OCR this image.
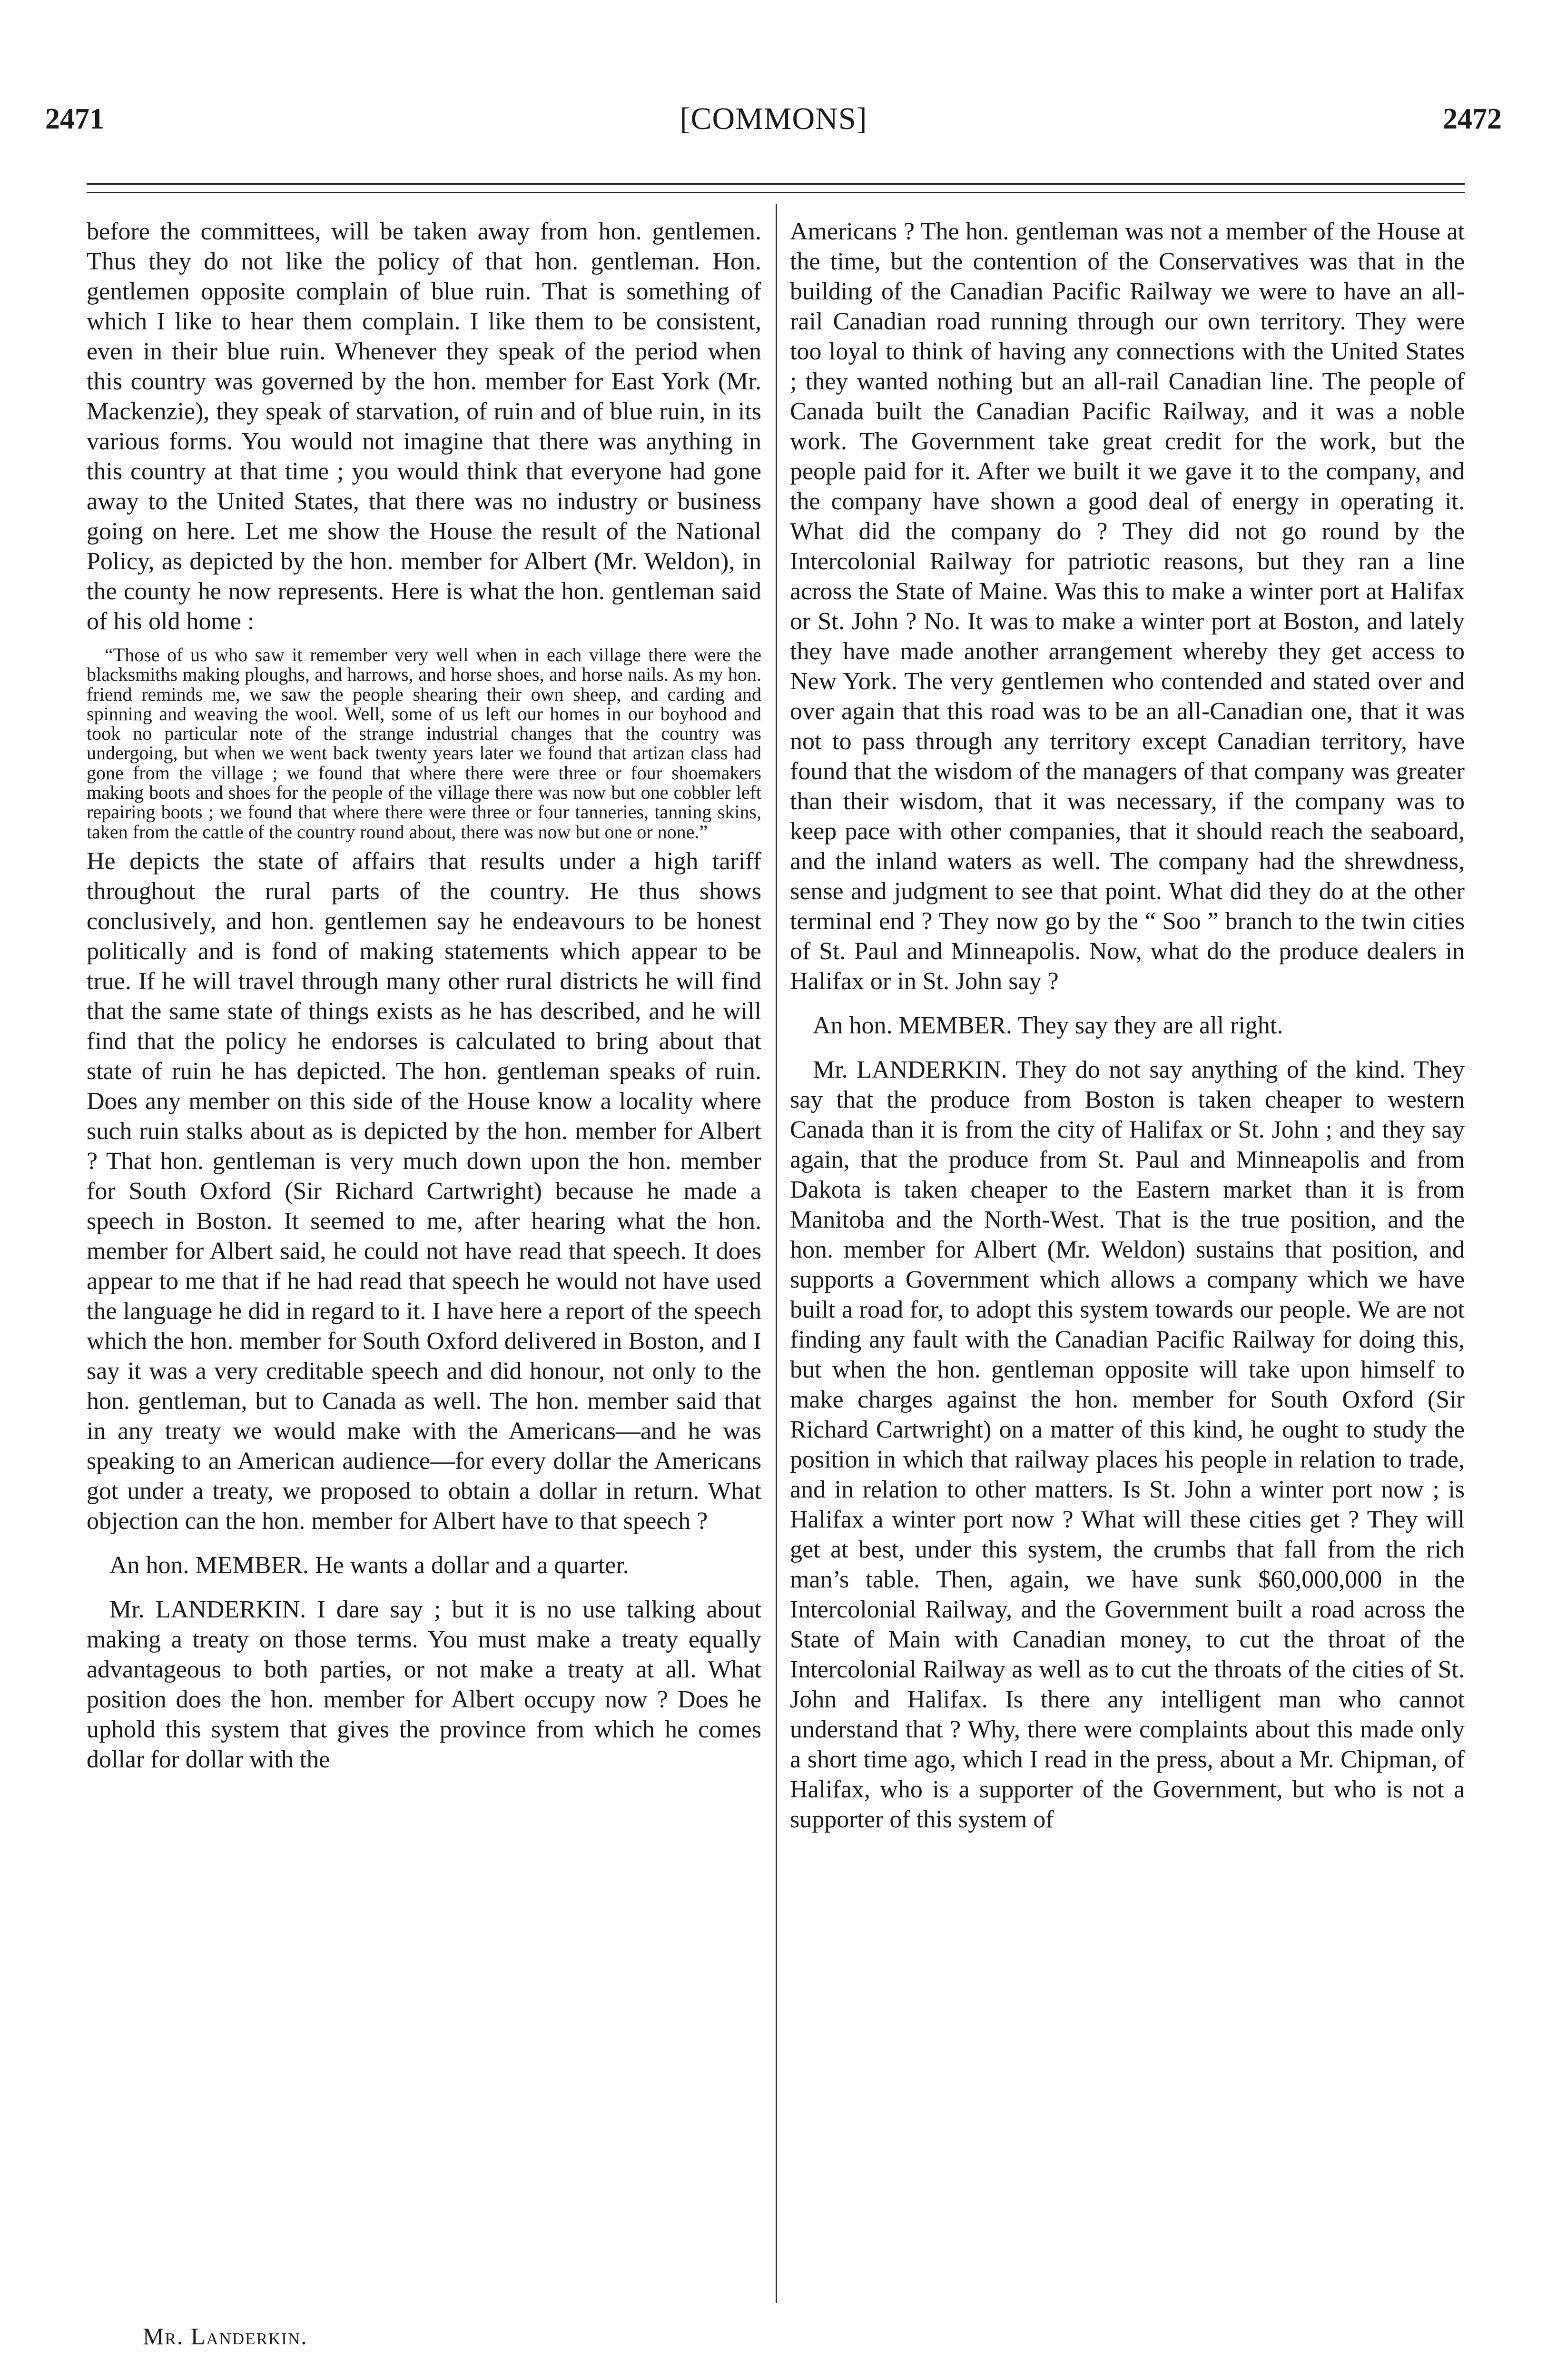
2471	[COMMONS]	2472

before the committees, will be taken away from hon. gentlemen. Thus they do not like the policy of that hon. gentleman. Hon. gentlemen opposite complain of blue ruin. That is something of which I like to hear them complain. I like them to be consistent, even in their blue ruin. Whenever they speak of the period when this country was governed by the hon. member for East York (Mr. Mackenzie), they speak of starvation, of ruin and of blue ruin, in its various forms. You would not imagine that there was anything in this country at that time ; you would think that everyone had gone away to the United States, that there was no industry or business going on here. Let me show the House the result of the National Policy, as depicted by the hon. member for Albert (Mr. Weldon), in the county he now represents. Here is what the hon. gentleman said of his old home :

“Those of us who saw it remember very well when in each village there were the blacksmiths making ploughs, and harrows, and horse shoes, and horse nails. As my hon. friend reminds me, we saw the people shearing their own sheep, and carding and spinning and weaving the wool. Well, some of us left our homes in our boyhood and took no particular note of the strange industrial changes that the country was undergoing, but when we went back twenty years later we found that artizan class had gone from the village ; we found that where there were three or four shoemakers making boots and shoes for the people of the village there was now but one cobbler left repairing boots ; we found that where there were three or four tanneries, tanning skins, taken from the cattle of the country round about, there was now but one or none.”

He depicts the state of affairs that results under a high tariff throughout the rural parts of the country. He thus shows conclusively, and hon. gentlemen say he endeavours to be honest politically and is fond of making statements which appear to be true. If he will travel through many other rural districts he will find that the same state of things exists as he has described, and he will find that the policy he endorses is calculated to bring about that state of ruin he has depicted. The hon. gentleman speaks of ruin. Does any member on this side of the House know a locality where such ruin stalks about as is depicted by the hon. member for Albert ? That hon. gentleman is very much down upon the hon. member for South Oxford (Sir Richard Cartwright) because he made a speech in Boston. It seemed to me, after hearing what the hon. member for Albert said, he could not have read that speech. It does appear to me that if he had read that speech he would not have used the language he did in regard to it. I have here a report of the speech which the hon. member for South Oxford delivered in Boston, and I say it was a very creditable speech and did honour, not only to the hon. gentleman, but to Canada as well. The hon. member said that in any treaty we would make with the Americans—and he was speaking to an American audience—for every dollar the Americans got under a treaty, we proposed to obtain a dollar in return. What objection can the hon. member for Albert have to that speech ?

An hon. MEMBER. He wants a dollar and a quarter.

Mr. LANDERKIN. I dare say ; but it is no use talking about making a treaty on those terms. You must make a treaty equally advantageous to both parties, or not make a treaty at all. What position does the hon. member for Albert occupy now ? Does he uphold this system that gives the province from which he comes dollar for dollar with the

Mr. Landerkin.

Americans ? The hon. gentleman was not a member of the House at the time, but the contention of the Conservatives was that in the building of the Canadian Pacific Railway we were to have an all-rail Canadian road running through our own territory. They were too loyal to think of having any connections with the United States ; they wanted nothing but an all-rail Canadian line. The people of Canada built the Canadian Pacific Railway, and it was a noble work. The Government take great credit for the work, but the people paid for it. After we built it we gave it to the company, and the company have shown a good deal of energy in operating it. What did the company do ? They did not go round by the Intercolonial Railway for patriotic reasons, but they ran a line across the State of Maine. Was this to make a winter port at Halifax or St. John ? No. It was to make a winter port at Boston, and lately they have made another arrangement whereby they get access to New York. The very gentlemen who contended and stated over and over again that this road was to be an all-Canadian one, that it was not to pass through any territory except Canadian territory, have found that the wisdom of the managers of that company was greater than their wisdom, that it was necessary, if the company was to keep pace with other companies, that it should reach the seaboard, and the inland waters as well. The company had the shrewdness, sense and judgment to see that point. What did they do at the other terminal end ? They now go by the “ Soo ” branch to the twin cities of St. Paul and Minneapolis. Now, what do the produce dealers in Halifax or in St. John say ?

An hon. MEMBER. They say they are all right.

Mr. LANDERKIN. They do not say anything of the kind. They say that the produce from Boston is taken cheaper to western Canada than it is from the city of Halifax or St. John ; and they say again, that the produce from St. Paul and Minneapolis and from Dakota is taken cheaper to the Eastern market than it is from Manitoba and the North-West. That is the true position, and the hon. member for Albert (Mr. Weldon) sustains that position, and supports a Government which allows a company which we have built a road for, to adopt this system towards our people. We are not finding any fault with the Canadian Pacific Railway for doing this, but when the hon. gentleman opposite will take upon himself to make charges against the hon. member for South Oxford (Sir Richard Cartwright) on a matter of this kind, he ought to study the position in which that railway places his people in relation to trade, and in relation to other matters. Is St. John a winter port now ; is Halifax a winter port now ? What will these cities get ? They will get at best, under this system, the crumbs that fall from the rich man’s table. Then, again, we have sunk $60,000,000 in the Intercolonial Railway, and the Government built a road across the State of Main with Canadian money, to cut the throat of the Intercolonial Railway as well as to cut the throats of the cities of St. John and Halifax. Is there any intelligent man who cannot understand that ? Why, there were complaints about this made only a short time ago, which I read in the press, about a Mr. Chipman, of Halifax, who is a supporter of the Government, but who is not a supporter of this system of
